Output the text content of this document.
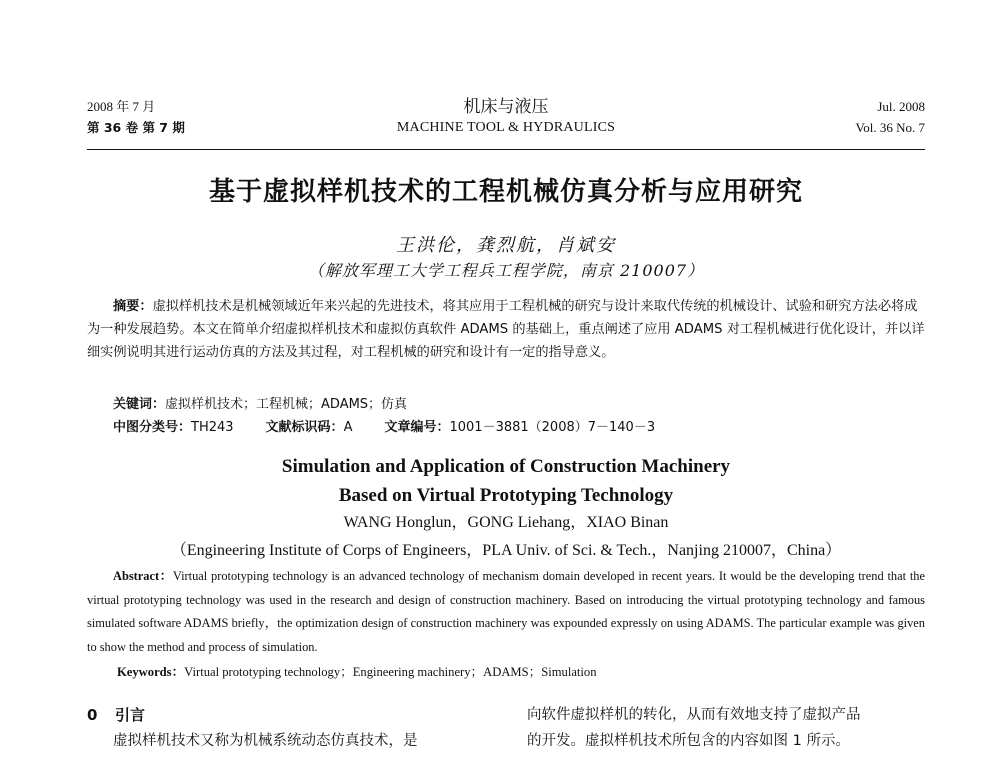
2008 年 7 月
第 36 卷 第 7 期
机床与液压
MACHINE TOOL & HYDRAULICS
Jul. 2008
Vol. 36 No. 7
基于虚拟样机技术的工程机械仿真分析与应用研究
王洪伦，龚烈航，肖斌安
（解放军理工大学工程兵工程学院，南京 210007）
摘要：虚拟样机技术是机械领域近年来兴起的先进技术，将其应用于工程机械的研究与设计来取代传统的机械设计、试验和研究方法必将成为一种发展趋势。本文在简单介绍虚拟样机技术和虚拟仿真软件 ADAMS 的基础上，重点阐述了应用 ADAMS 对工程机械进行优化设计，并以详细实例说明其进行运动仿真的方法及其过程，对工程机械的研究和设计有一定的指导意义。
关键词：虚拟样机技术；工程机械；ADAMS；仿真
中图分类号：TH243 文献标识码：A 文章编号：1001－3881（2008）7－140－3
Simulation and Application of Construction Machinery
Based on Virtual Prototyping Technology
WANG Honglun，GONG Liehang，XIAO Binan
（Engineering Institute of Corps of Engineers，PLA Univ. of Sci. & Tech.，Nanjing 210007，China）
Abstract：Virtual prototyping technology is an advanced technology of mechanism domain developed in recent years. It would be the developing trend that the virtual prototyping technology was used in the research and design of construction machinery. Based on introducing the virtual prototyping technology and famous simulated software ADAMS briefly，the optimization design of construction machinery was expounded expressly on using ADAMS. The particular example was given to show the method and process of simulation.
Keywords：Virtual prototyping technology；Engineering machinery；ADAMS；Simulation
0 引言
虚拟样机技术又称为机械系统动态仿真技术，是
向软件虚拟样机的转化，从而有效地支持了虚拟产品
的开发。虚拟样机技术所包含的内容如图 1 所示。
